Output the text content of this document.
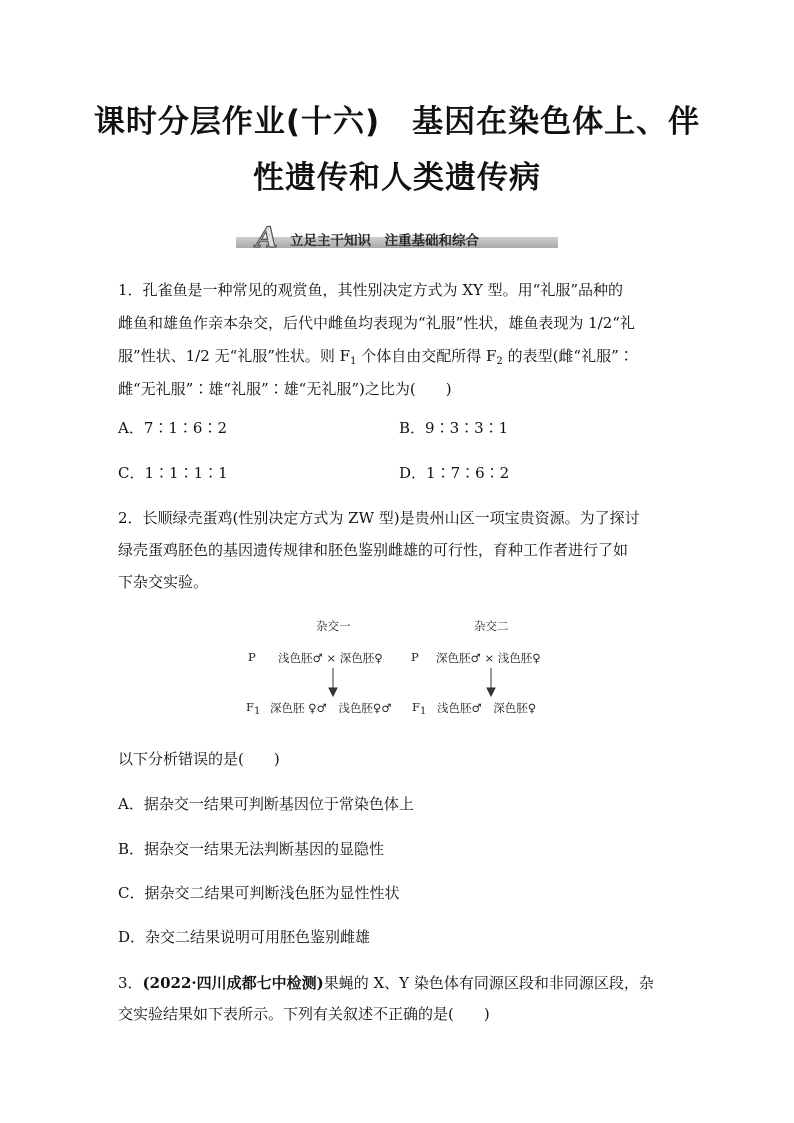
课时分层作业(十六)　基因在染色体上、伴
性遗传和人类遗传病
A 立足主干知识　注重基础和综合
1．孔雀鱼是一种常见的观赏鱼，其性别决定方式为 XY 型。用“礼服”品种的
雌鱼和雄鱼作亲本杂交，后代中雌鱼均表现为“礼服”性状，雄鱼表现为 1/2“礼
服”性状、1/2 无“礼服”性状。则 $F_1$ 个体自由交配所得 $F_2$ 的表型(雌“礼服”∶
雌“无礼服”∶雄“礼服”∶雄“无礼服”)之比为(　　)
A．7∶1∶6∶2	B．9∶3∶3∶1
C．1∶1∶1∶1	D．1∶7∶6∶2
2．长顺绿壳蛋鸡(性别决定方式为 ZW 型)是贵州山区一项宝贵资源。为了探讨
绿壳蛋鸡胚色的基因遗传规律和胚色鉴别雌雄的可行性，育种工作者进行了如
下杂交实验。
杂交一	杂交二
P 浅色胚♂ × 深色胚♀ P 深色胚♂ × 浅色胚♀
$F_1$ 深色胚 ♀♂　浅色胚♀♂ $F_1$ 浅色胚♂　深色胚♀
以下分析错误的是(　　)
A．据杂交一结果可判断基因位于常染色体上
B．据杂交一结果无法判断基因的显隐性
C．据杂交二结果可判断浅色胚为显性性状
D．杂交二结果说明可用胚色鉴别雌雄
3．(2022·四川成都七中检测)果蝇的 X、Y 染色体有同源区段和非同源区段，杂
交实验结果如下表所示。下列有关叙述不正确的是(　　)
